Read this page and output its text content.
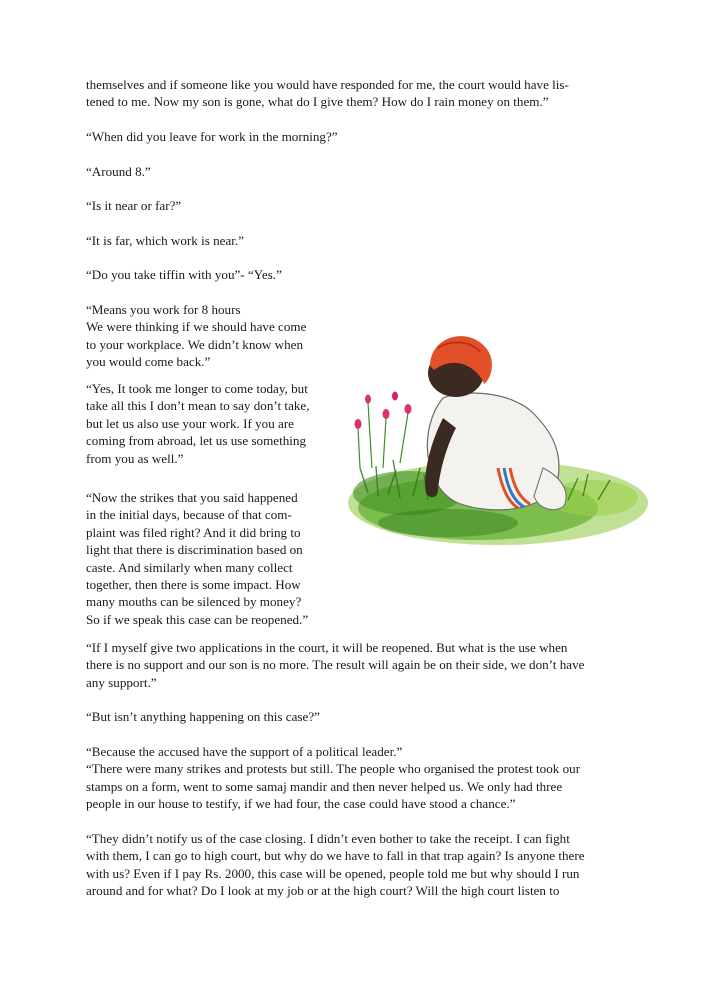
themselves and if someone like you would have responded for me, the court would have lis-
tened to me. Now my son is gone, what do I give them? How do I rain money on them.”

“When did you leave for work in the morning?”

“Around 8.”

“Is it near or far?”

“It is far, which work is near.”

“Do you take tiffin with you”- “Yes.”

“Means you work for 8 hours
We were thinking if we should have come
to your workplace. We didn’t know when
you would come back.”

“Yes, It took me longer to come today, but
take all this I don’t mean to say don’t take,
but let us also use your work. If you are
coming from abroad, let us use something
from you as well.”

“Now the strikes that you said happened
in the initial days, because of that com-
plaint was filed right? And it did bring to
light that there is discrimination based on
caste. And similarly when many collect
together, then there is some impact. How
many mouths can be silenced by money?
So if we speak this case can be reopened.”

“If I myself give two applications in the court, it will be reopened. But what is the use when
there is no support and our son is no more. The result will again be on their side, we don’t have
any support.”

“But isn’t anything happening on this case?”

“Because the accused have the support of a political leader.”
“There were many strikes and protests but still. The people who organised the protest took our
stamps on a form, went to some samaj mandir and then never helped us. We only had three
people in our house to testify, if we had four, the case could have stood a chance.”

“They didn’t notify us of the case closing. I didn’t even bother to take the receipt. I can fight
with them, I can go to high court, but why do we have to fall in that trap again? Is anyone there
with us? Even if I pay Rs. 2000, this case will be opened, people told me but why should I run
around and for what? Do I look at my job or at the high court? Will the high court listen to
